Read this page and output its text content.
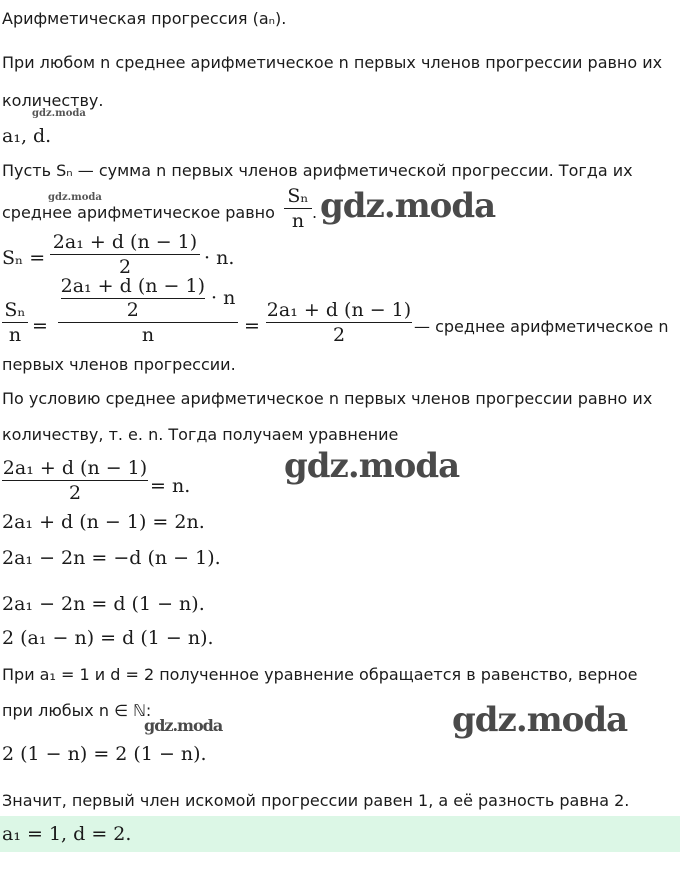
Арифметическая прогрессия (aₙ).
При любом n среднее арифметическое n первых членов прогрессии равно их
количеству.
gdz.moda
a₁, d.
Пусть Sₙ — сумма n первых членов арифметической прогрессии. Тогда их
gdz.moda
среднее арифметическое равно
Sₙ
n . gdz.moda
Sₙ =
2a₁ + d (n − 1)
2	· n.
Sₙ
n =
$\frac{\text{2a₁ + d (n − 1)}}{2} \cdot n$
n	=
2a₁ + d (n − 1)
2	— среднее арифметическое n
первых членов прогрессии.
По условию среднее арифметическое n первых членов прогрессии равно их
количеству, т. е. n. Тогда получаем уравнение
gdz.moda
2a₁ + d (n − 1)
2	= n.
2a₁ + d (n − 1) = 2n.
2a₁ − 2n = −d (n − 1).
2a₁ − 2n = d (1 − n).
2 (a₁ − n) = d (1 − n).
При a₁ = 1 и d = 2 полученное уравнение обращается в равенство, верное
при любых n ∈ ℕ:
gdz.moda	gdz.moda
2 (1 − n) = 2 (1 − n).
Значит, первый член искомой прогрессии равен 1, а её разность равна 2.
a₁ = 1, d = 2.
